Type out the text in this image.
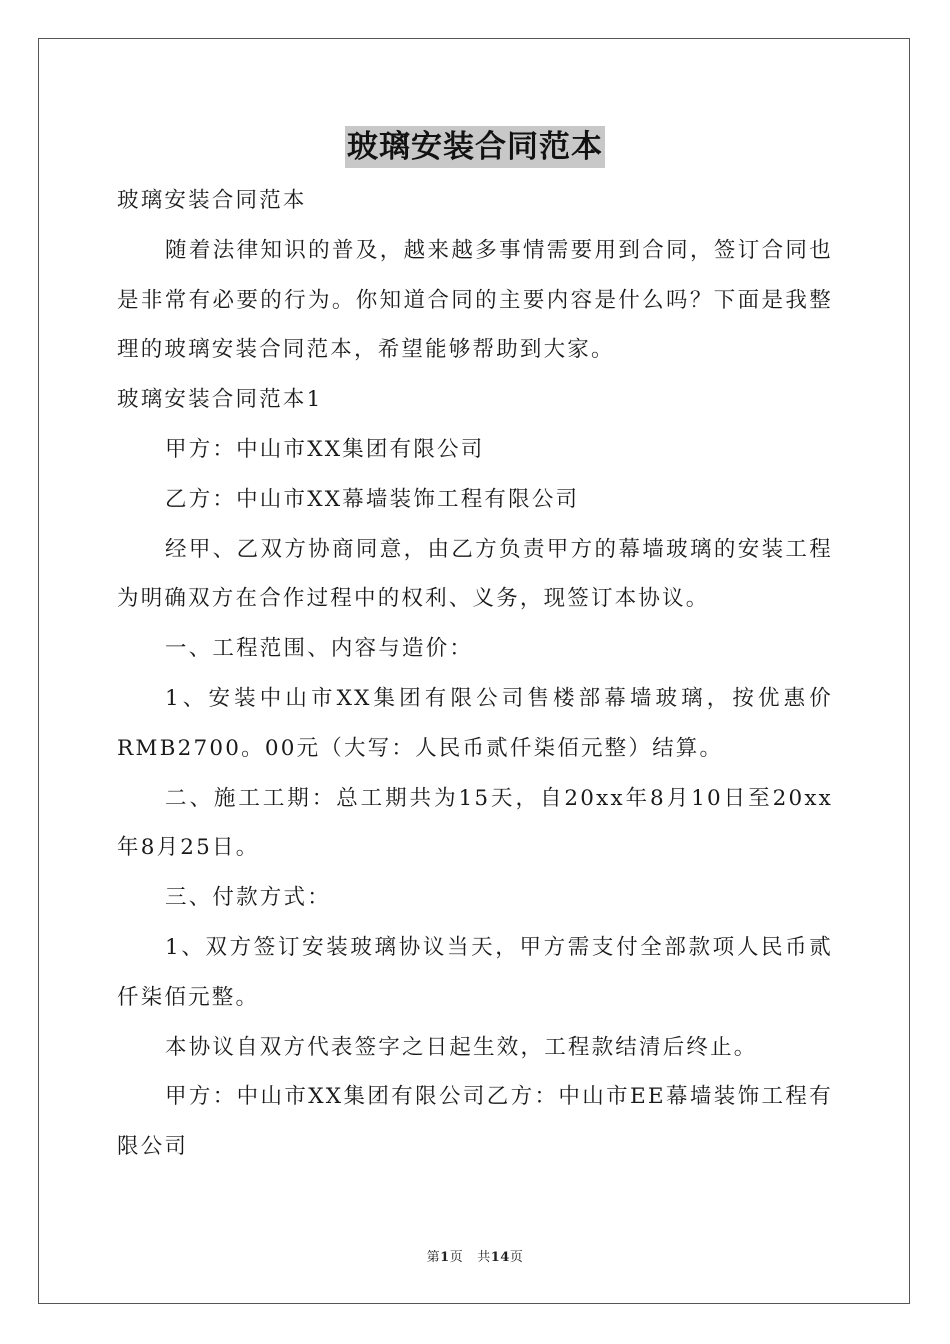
玻璃安装合同范本

玻璃安装合同范本

随着法律知识的普及，越来越多事情需要用到合同，签订合同也是非常有必要的行为。你知道合同的主要内容是什么吗？下面是我整理的玻璃安装合同范本，希望能够帮助到大家。

玻璃安装合同范本1

甲方：中山市XX集团有限公司

乙方：中山市XX幕墙装饰工程有限公司

经甲、乙双方协商同意，由乙方负责甲方的幕墙玻璃的安装工程为明确双方在合作过程中的权利、义务，现签订本协议。

一、工程范围、内容与造价：

1、安装中山市XX集团有限公司售楼部幕墙玻璃，按优惠价RMB2700。00元（大写：人民币贰仟柒佰元整）结算。

二、施工工期：总工期共为15天，自20xx年8月10日至20xx年8月25日。

三、付款方式：

1、双方签订安装玻璃协议当天，甲方需支付全部款项人民币贰仟柒佰元整。

本协议自双方代表签字之日起生效，工程款结清后终止。

甲方：中山市XX集团有限公司乙方：中山市EE幕墙装饰工程有限公司

第1页 共14页
